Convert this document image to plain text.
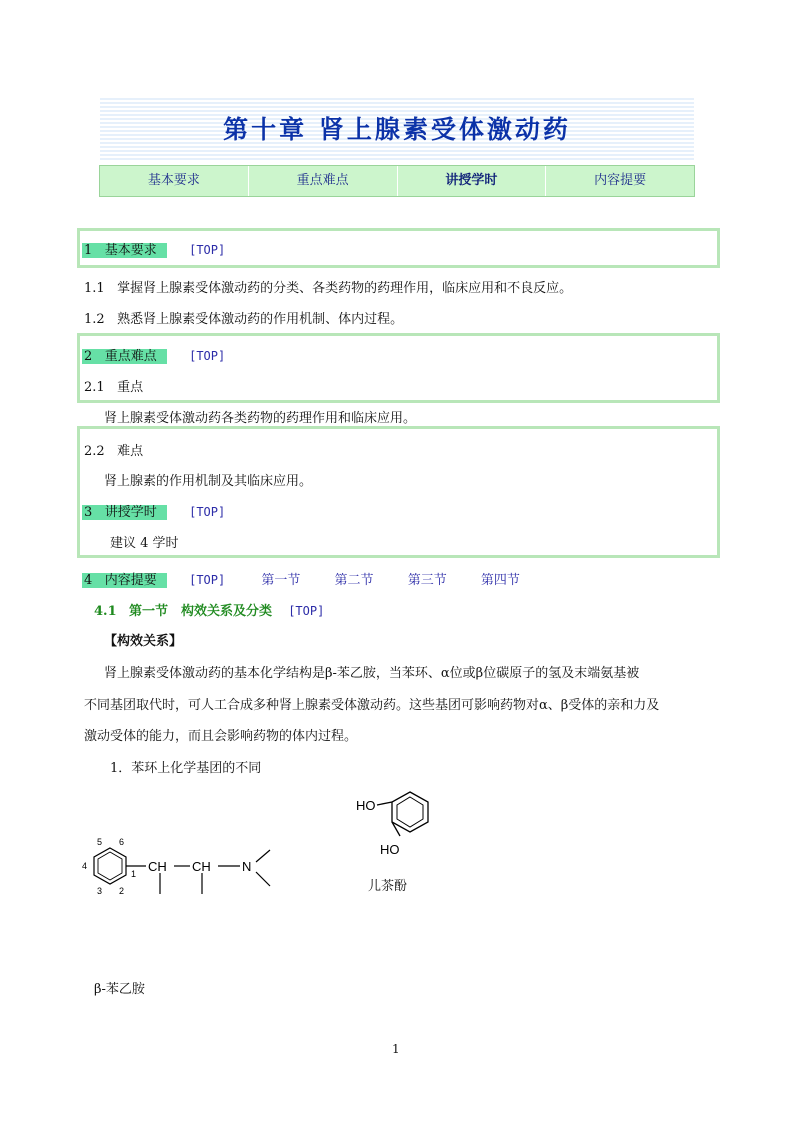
第十章 肾上腺素受体激动药
基本要求	重点难点	讲授学时	内容提要
1 基本要求	[TOP]
1.1 掌握肾上腺素受体激动药的分类、各类药物的药理作用，临床应用和不良反应。
1.2 熟悉肾上腺素受体激动药的作用机制、体内过程。
2 重点难点	[TOP]
2.1 重点
肾上腺素受体激动药各类药物的药理作用和临床应用。
2.2 难点
肾上腺素的作用机制及其临床应用。
3 讲授学时	[TOP]
建议 4 学时
4 内容提要	[TOP]	第一节	第二节	第三节	第四节
4.1 第一节　构效关系及分类 [TOP]
【构效关系】
肾上腺素受体激动药的基本化学结构是β-苯乙胺，当苯环、α位或β位碳原子的氢及末端氨基被
不同基团取代时，可人工合成多种肾上腺素受体激动药。这些基团可影响药物对α、β受体的亲和力及
激动受体的能力，而且会影响药物的体内过程。
1．苯环上化学基团的不同
HO
HO
儿茶酚
5 6
4
1
3 2
CH CH N
β-苯乙胺
1
